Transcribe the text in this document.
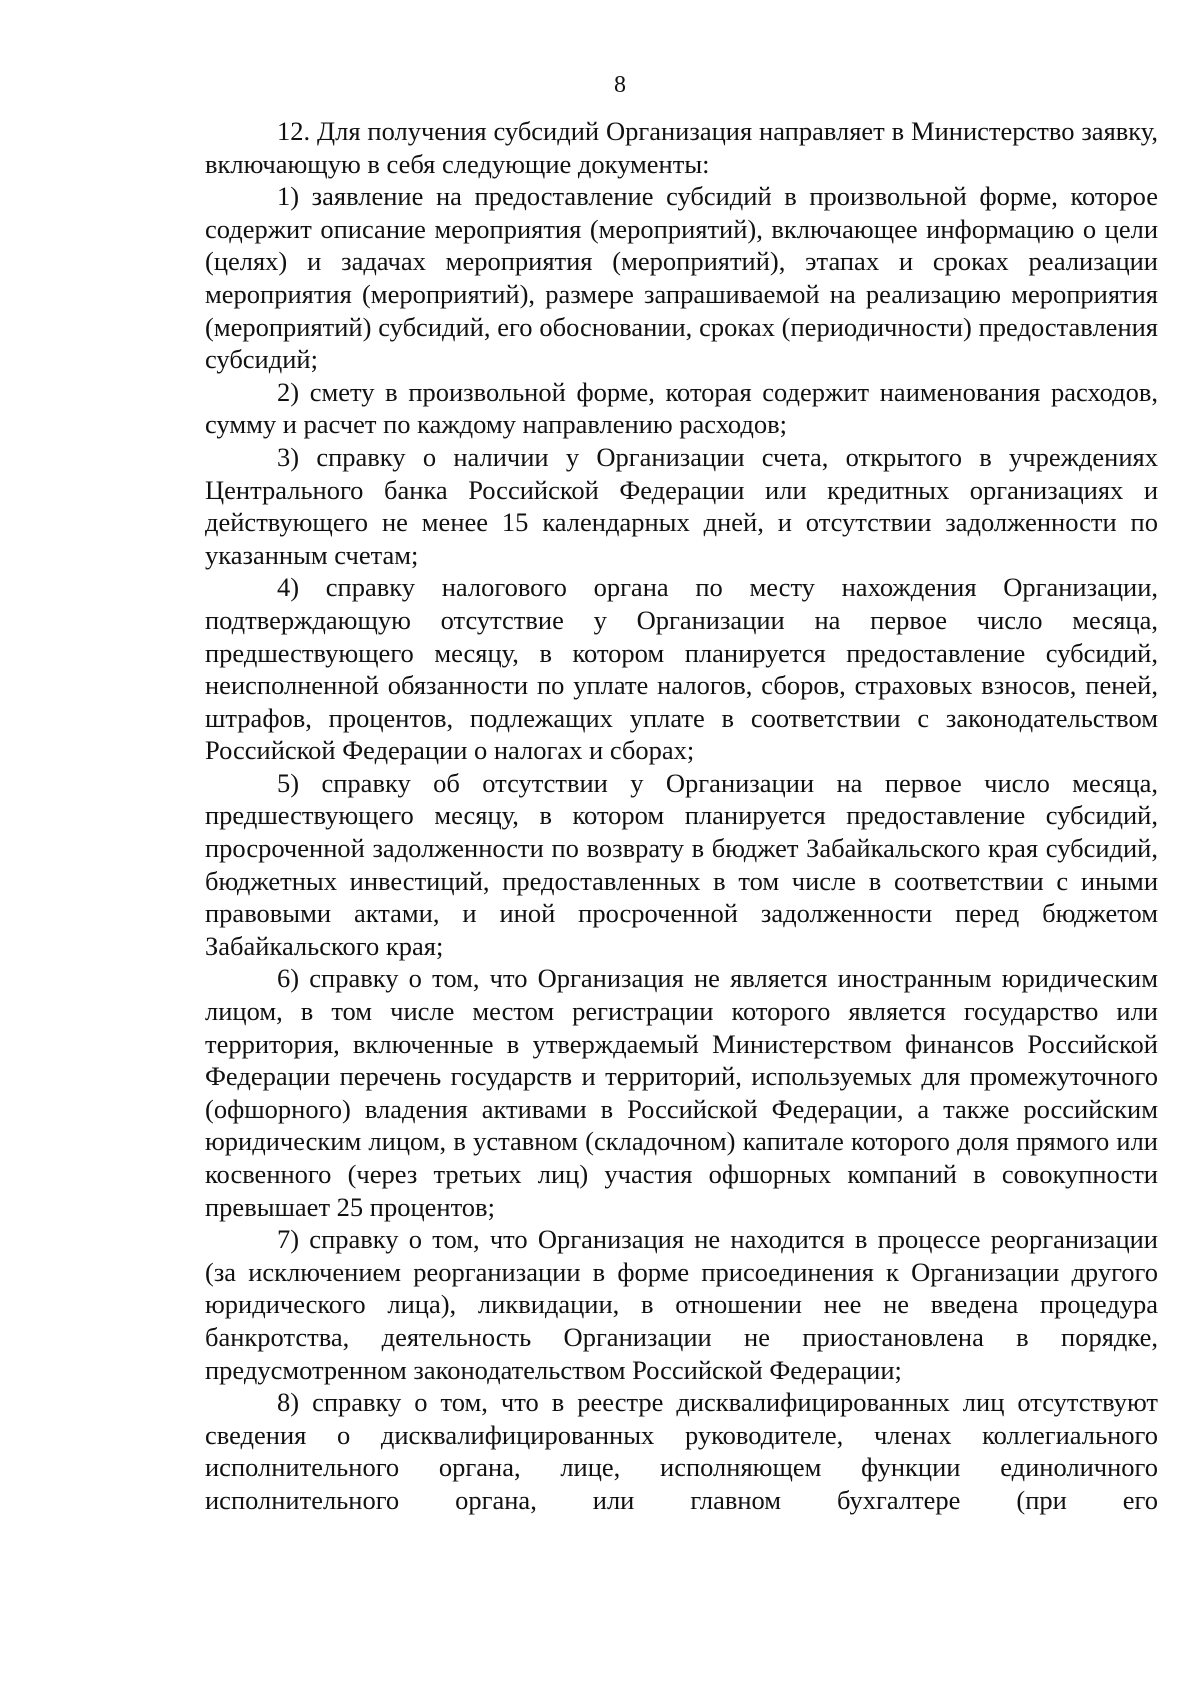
8

12. Для получения субсидий Организация направляет в Министерство заявку, включающую в себя следующие документы:

1) заявление на предоставление субсидий в произвольной форме, которое содержит описание мероприятия (мероприятий), включающее информацию о цели (целях) и задачах мероприятия (мероприятий), этапах и сроках реализации мероприятия (мероприятий), размере запрашиваемой на реализацию мероприятия (мероприятий) субсидий, его обосновании, сроках (периодичности) предоставления субсидий;

2) смету в произвольной форме, которая содержит наименования расходов, сумму и расчет по каждому направлению расходов;

3) справку о наличии у Организации счета, открытого в учреждениях Центрального банка Российской Федерации или кредитных организациях и действующего не менее 15 календарных дней, и отсутствии задолженности по указанным счетам;

4) справку налогового органа по месту нахождения Организации, подтверждающую отсутствие у Организации на первое число месяца, предшествующего месяцу, в котором планируется предоставление субсидий, неисполненной обязанности по уплате налогов, сборов, страховых взносов, пеней, штрафов, процентов, подлежащих уплате в соответствии с законодательством Российской Федерации о налогах и сборах;

5) справку об отсутствии у Организации на первое число месяца, предшествующего месяцу, в котором планируется предоставление субсидий, просроченной задолженности по возврату в бюджет Забайкальского края субсидий, бюджетных инвестиций, предоставленных в том числе в соответствии с иными правовыми актами, и иной просроченной задолженности перед бюджетом Забайкальского края;

6) справку о том, что Организация не является иностранным юридическим лицом, в том числе местом регистрации которого является государство или территория, включенные в утверждаемый Министерством финансов Российской Федерации перечень государств и территорий, используемых для промежуточного (офшорного) владения активами в Российской Федерации, а также российским юридическим лицом, в уставном (складочном) капитале которого доля прямого или косвенного (через третьих лиц) участия офшорных компаний в совокупности превышает 25 процентов;

7) справку о том, что Организация не находится в процессе реорганизации (за исключением реорганизации в форме присоединения к Организации другого юридического лица), ликвидации, в отношении нее не введена процедура банкротства, деятельность Организации не приостановлена в порядке, предусмотренном законодательством Российской Федерации;

8) справку о том, что в реестре дисквалифицированных лиц отсутствуют сведения о дисквалифицированных руководителе, членах коллегиального исполнительного органа, лице, исполняющем функции единоличного исполнительного органа, или главном бухгалтере (при его
